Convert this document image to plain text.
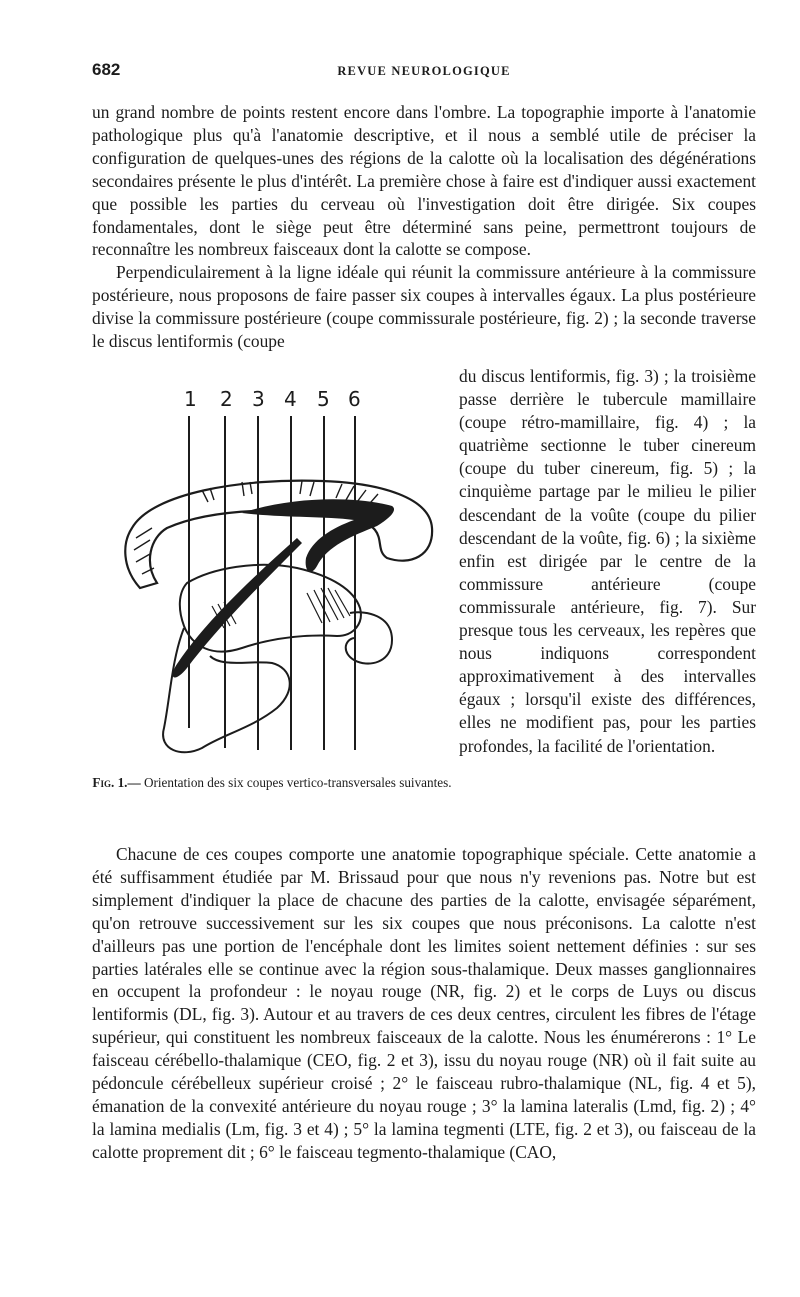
682	REVUE NEUROLOGIQUE

un grand nombre de points restent encore dans l'ombre. La topographie importe à l'anatomie pathologique plus qu'à l'anatomie descriptive, et il nous a semblé utile de préciser la configuration de quelques-unes des régions de la calotte où la localisation des dégénérations secondaires présente le plus d'intérêt. La première chose à faire est d'indiquer aussi exactement que possible les parties du cerveau où l'investigation doit être dirigée. Six coupes fondamentales, dont le siège peut être déterminé sans peine, permettront toujours de reconnaître les nombreux faisceaux dont la calotte se compose.

Perpendiculairement à la ligne idéale qui réunit la commissure antérieure à la commissure postérieure, nous proposons de faire passer six coupes à intervalles égaux. La plus postérieure divise la commissure postérieure (coupe commissurale postérieure, fig. 2) ; la seconde traverse le discus lentiformis (coupe

1 2 3 4 5 6
Fig. 1.— Orientation des six coupes vertico-transversales suivantes.

du discus lentiformis, fig. 3) ; la troisième passe derrière le tubercule mamillaire (coupe rétro-mamillaire, fig. 4) ; la quatrième sectionne le tuber cinereum (coupe du tuber cinereum, fig. 5) ; la cinquième partage par le milieu le pilier descendant de la voûte (coupe du pilier descendant de la voûte, fig. 6) ; la sixième enfin est dirigée par le centre de la commissure antérieure (coupe commissurale antérieure, fig. 7). Sur presque tous les cerveaux, les repères que nous indiquons correspondent approximativement à des intervalles égaux ; lorsqu'il existe des différences, elles ne modifient pas, pour les parties profondes, la facilité de l'orientation.

Chacune de ces coupes comporte une anatomie topographique spéciale. Cette anatomie a été suffisamment étudiée par M. Brissaud pour que nous n'y revenions pas. Notre but est simplement d'indiquer la place de chacune des parties de la calotte, envisagée séparément, qu'on retrouve successivement sur les six coupes que nous préconisons. La calotte n'est d'ailleurs pas une portion de l'encéphale dont les limites soient nettement définies : sur ses parties latérales elle se continue avec la région sous-thalamique. Deux masses ganglionnaires en occupent la profondeur : le noyau rouge (NR, fig. 2) et le corps de Luys ou discus lentiformis (DL, fig. 3). Autour et au travers de ces deux centres, circulent les fibres de l'étage supérieur, qui constituent les nombreux faisceaux de la calotte. Nous les énumérerons : 1° Le faisceau cérébello-thalamique (CEO, fig. 2 et 3), issu du noyau rouge (NR) où il fait suite au pédoncule cérébelleux supérieur croisé ; 2° le faisceau rubro-thalamique (NL, fig. 4 et 5), émanation de la convexité antérieure du noyau rouge ; 3° la lamina lateralis (Lmd, fig. 2) ; 4° la lamina medialis (Lm, fig. 3 et 4) ; 5° la lamina tegmenti (LTE, fig. 2 et 3), ou faisceau de la calotte proprement dit ; 6° le faisceau tegmento-thalamique (CAO,
